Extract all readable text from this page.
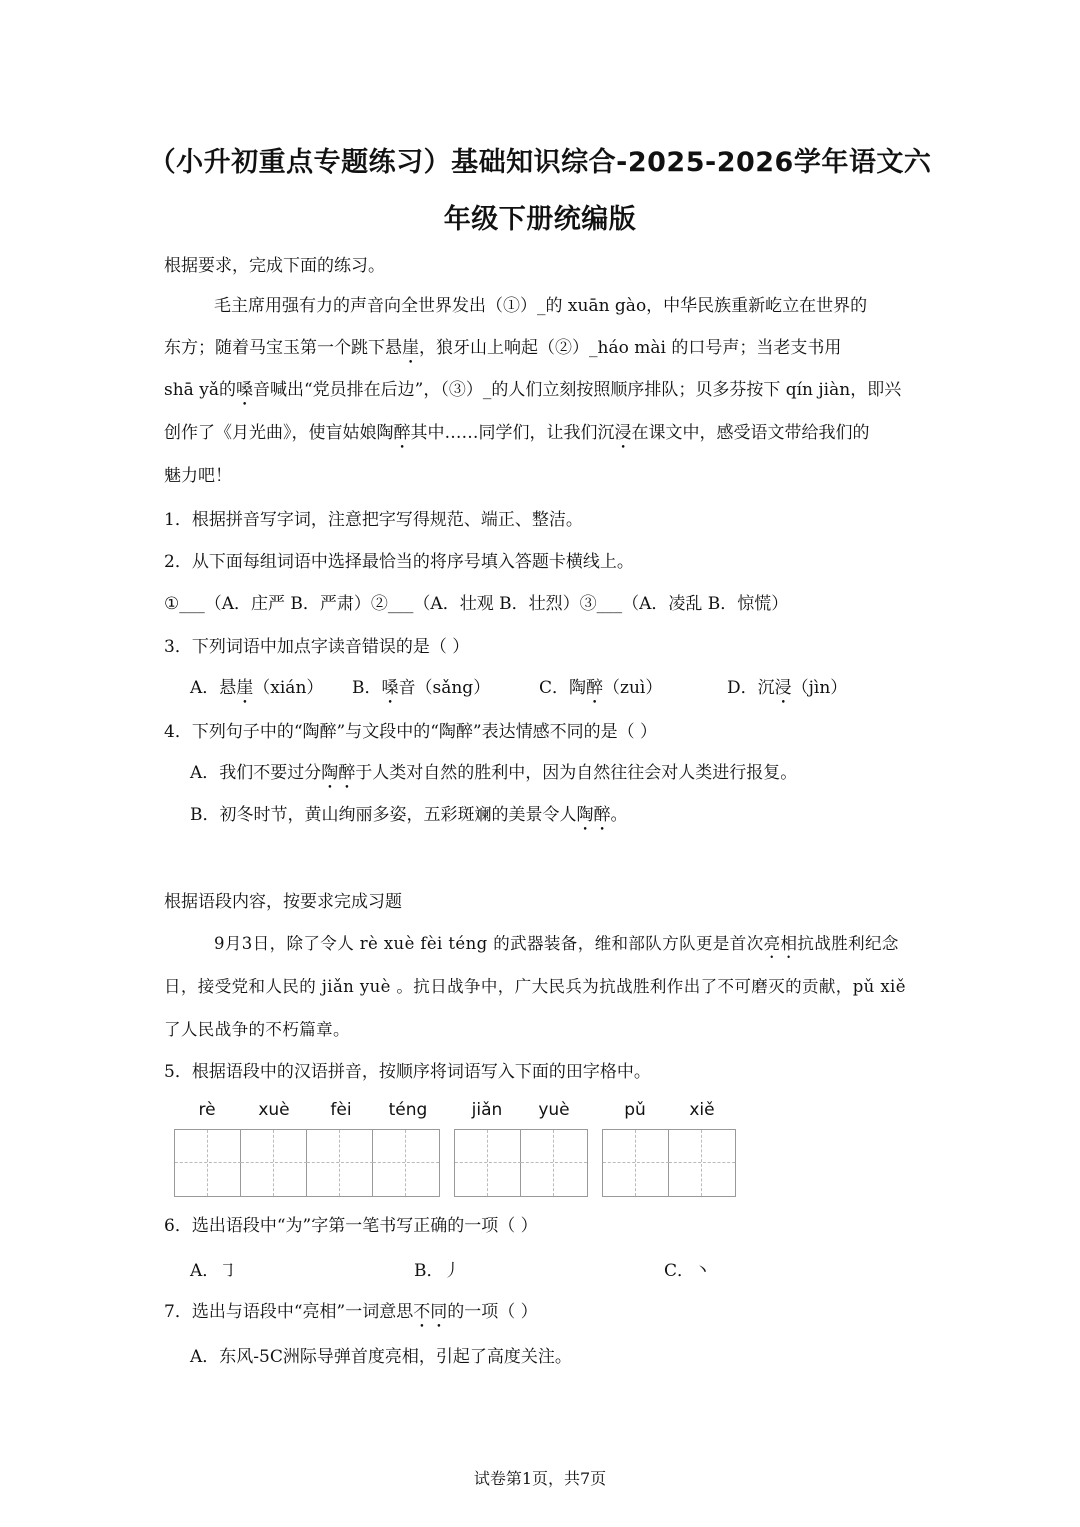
（小升初重点专题练习）基础知识综合-2025-2026学年语文六
年级下册统编版

根据要求，完成下面的练习。

毛主席用强有力的声音向全世界发出（①）_的 xuān gào，中华民族重新屹立在世界的

东方；随着马宝玉第一个跳下悬崖，狼牙山上响起（②）_háo mài 的口号声；当老支书用

shā yǎ的嗓音喊出“党员排在后边”，（③）_的人们立刻按照顺序排队；贝多芬按下 qín jiàn，即兴

创作了《月光曲》，使盲姑娘陶醉其中……同学们，让我们沉浸在课文中，感受语文带给我们的

魅力吧！

1．根据拼音写字词，注意把字写得规范、端正、整洁。

2．从下面每组词语中选择最恰当的将序号填入答题卡横线上。

①___（A．庄严 B．严肃）②___（A．壮观 B．壮烈）③___（A．凌乱 B．惊慌）

3．下列词语中加点字读音错误的是（ ）

A．悬崖（xián） B．嗓音（sǎng）	C．陶醉（zuì）	D．沉浸（jìn）

4．下列句子中的“陶醉”与文段中的“陶醉”表达情感不同的是（ ）

A．我们不要过分陶醉于人类对自然的胜利中，因为自然往往会对人类进行报复。

B．初冬时节，黄山绚丽多姿，五彩斑斓的美景令人陶醉。

根据语段内容，按要求完成习题

9月3日，除了令人 rè xuè fèi téng 的武器装备，维和部队方队更是首次亮相抗战胜利纪念

日，接受党和人民的 jiǎn yuè 。抗日战争中，广大民兵为抗战胜利作出了不可磨灭的贡献，pǔ xiě

了人民战争的不朽篇章。

5．根据语段中的汉语拼音，按顺序将词语写入下面的田字格中。

rè	xuè	fèi	téng	jiǎn	yuè	pǔ	xiě

6．选出语段中“为”字第一笔书写正确的一项（ ）

A．㇆	B．丿	C．丶

7．选出与语段中“亮相”一词意思不同的一项（ ）

A．东风-5C洲际导弹首度亮相，引起了高度关注。

试卷第1页，共7页
